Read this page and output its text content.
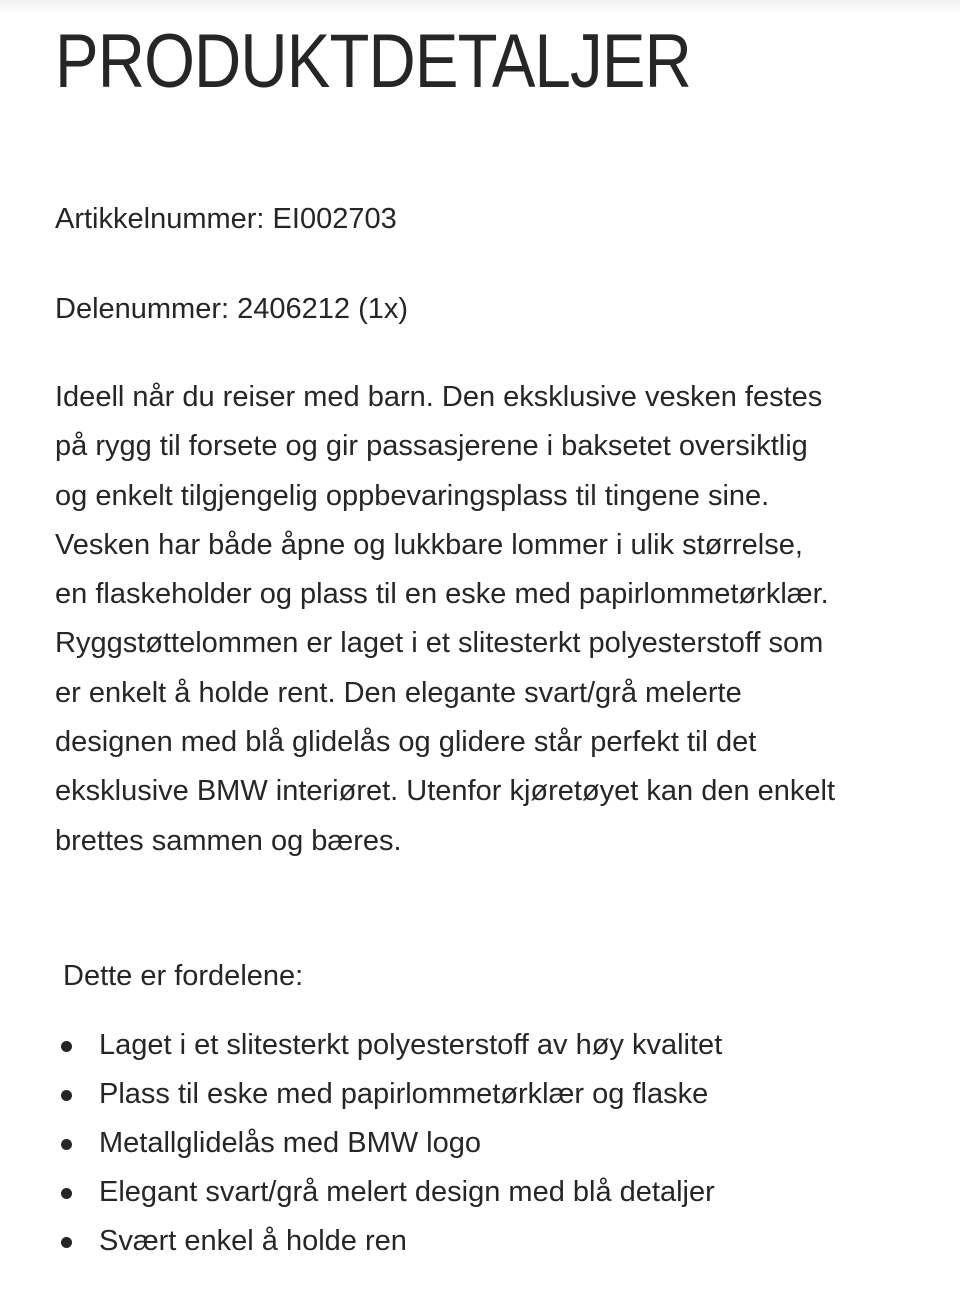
PRODUKTDETALJER

Artikkelnummer: EI002703

Delenummer: 2406212 (1x)

Ideell når du reiser med barn. Den eksklusive vesken festes
på rygg til forsete og gir passasjerene i baksetet oversiktlig
og enkelt tilgjengelig oppbevaringsplass til tingene sine.
Vesken har både åpne og lukkbare lommer i ulik størrelse,
en flaskeholder og plass til en eske med papirlommetørklær.
Ryggstøttelommen er laget i et slitesterkt polyesterstoff som
er enkelt å holde rent. Den elegante svart/grå melerte
designen med blå glidelås og glidere står perfekt til det
eksklusive BMW interiøret. Utenfor kjøretøyet kan den enkelt
brettes sammen og bæres.

Dette er fordelene:
Laget i et slitesterkt polyesterstoff av høy kvalitet
Plass til eske med papirlommetørklær og flaske
Metallglidelås med BMW logo
Elegant svart/grå melert design med blå detaljer
Svært enkel å holde ren
